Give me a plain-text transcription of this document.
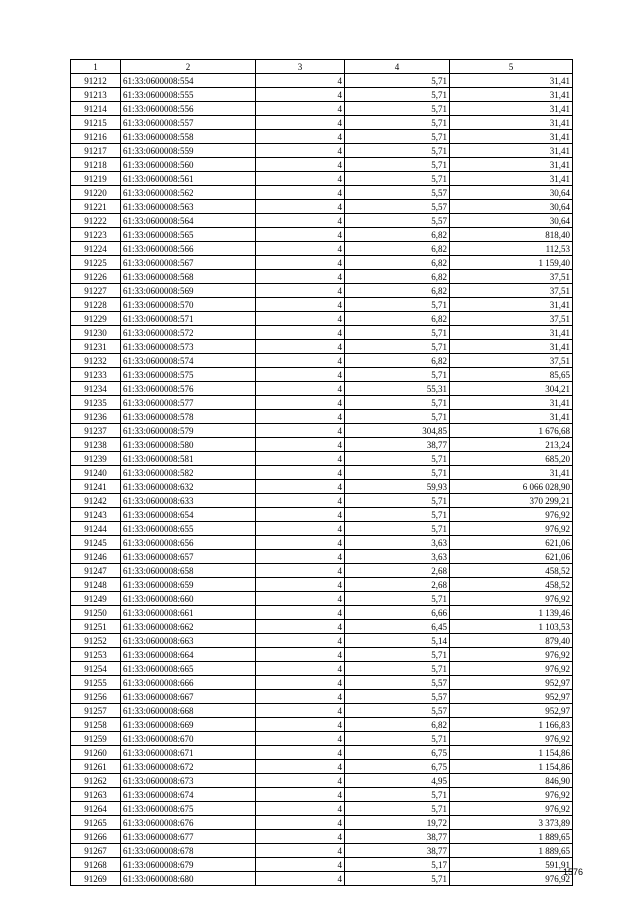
1	2	3	4	5
91212	61:33:0600008:554	4	5,71	31,41
91213	61:33:0600008:555	4	5,71	31,41
91214	61:33:0600008:556	4	5,71	31,41
91215	61:33:0600008:557	4	5,71	31,41
91216	61:33:0600008:558	4	5,71	31,41
91217	61:33:0600008:559	4	5,71	31,41
91218	61:33:0600008:560	4	5,71	31,41
91219	61:33:0600008:561	4	5,71	31,41
91220	61:33:0600008:562	4	5,57	30,64
91221	61:33:0600008:563	4	5,57	30,64
91222	61:33:0600008:564	4	5,57	30,64
91223	61:33:0600008:565	4	6,82	818,40
91224	61:33:0600008:566	4	6,82	112,53
91225	61:33:0600008:567	4	6,82	1 159,40
91226	61:33:0600008:568	4	6,82	37,51
91227	61:33:0600008:569	4	6,82	37,51
91228	61:33:0600008:570	4	5,71	31,41
91229	61:33:0600008:571	4	6,82	37,51
91230	61:33:0600008:572	4	5,71	31,41
91231	61:33:0600008:573	4	5,71	31,41
91232	61:33:0600008:574	4	6,82	37,51
91233	61:33:0600008:575	4	5,71	85,65
91234	61:33:0600008:576	4	55,31	304,21
91235	61:33:0600008:577	4	5,71	31,41
91236	61:33:0600008:578	4	5,71	31,41
91237	61:33:0600008:579	4	304,85	1 676,68
91238	61:33:0600008:580	4	38,77	213,24
91239	61:33:0600008:581	4	5,71	685,20
91240	61:33:0600008:582	4	5,71	31,41
91241	61:33:0600008:632	4	59,93	6 066 028,90
91242	61:33:0600008:633	4	5,71	370 299,21
91243	61:33:0600008:654	4	5,71	976,92
91244	61:33:0600008:655	4	5,71	976,92
91245	61:33:0600008:656	4	3,63	621,06
91246	61:33:0600008:657	4	3,63	621,06
91247	61:33:0600008:658	4	2,68	458,52
91248	61:33:0600008:659	4	2,68	458,52
91249	61:33:0600008:660	4	5,71	976,92
91250	61:33:0600008:661	4	6,66	1 139,46
91251	61:33:0600008:662	4	6,45	1 103,53
91252	61:33:0600008:663	4	5,14	879,40
91253	61:33:0600008:664	4	5,71	976,92
91254	61:33:0600008:665	4	5,71	976,92
91255	61:33:0600008:666	4	5,57	952,97
91256	61:33:0600008:667	4	5,57	952,97
91257	61:33:0600008:668	4	5,57	952,97
91258	61:33:0600008:669	4	6,82	1 166,83
91259	61:33:0600008:670	4	5,71	976,92
91260	61:33:0600008:671	4	6,75	1 154,86
91261	61:33:0600008:672	4	6,75	1 154,86
91262	61:33:0600008:673	4	4,95	846,90
91263	61:33:0600008:674	4	5,71	976,92
91264	61:33:0600008:675	4	5,71	976,92
91265	61:33:0600008:676	4	19,72	3 373,89
91266	61:33:0600008:677	4	38,77	1 889,65
91267	61:33:0600008:678	4	38,77	1 889,65
91268	61:33:0600008:679	4	5,17	591,91
91269	61:33:0600008:680	4	5,71	976,92
1576
